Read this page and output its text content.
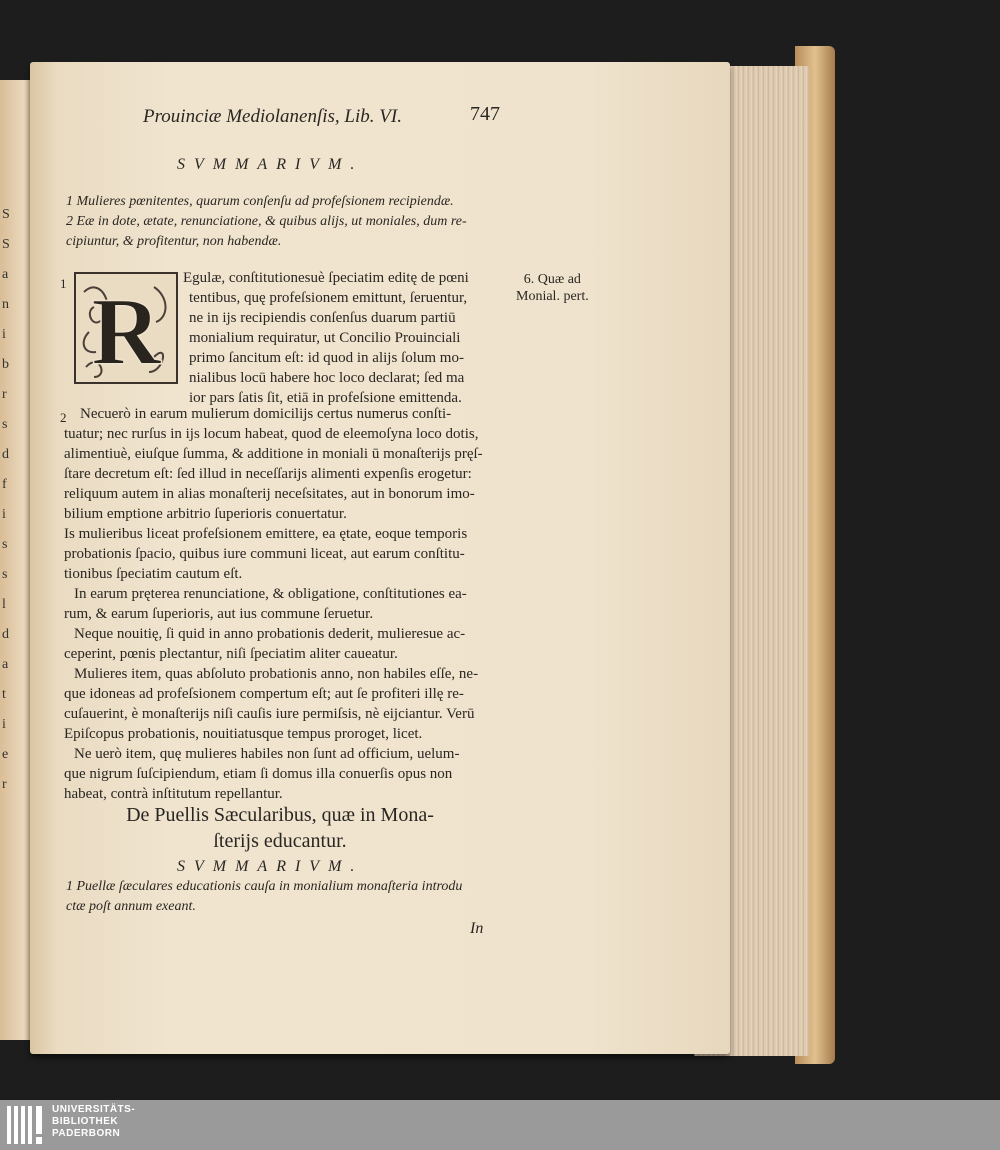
S
S
a
n
i
b
r
s
d
f
i
s
s
l
d
a
t
i
e
r
Prouinciæ Mediolanenſis, Lib. VI.	747
SVMMARIVM.
1 Mulieres pœnitentes, quarum conſenſu ad profeſsionem recipiendæ.
2 Eæ in dote, ætate, renunciatione, & quibus alijs, ut moniales, dum re-
cipiuntur, & profitentur, non habendæ.
1 R Egulæ, conſtitutionesuè ſpeciatim editę de pœni
tentibus, quę profeſsionem emittunt, ſeruentur,
ne in ijs recipiendis conſenſus duarum partiū
monialium requiratur, ut Concilio Prouinciali
primo ſancitum eſt: id quod in alijs ſolum mo-
nialibus locū habere hoc loco declarat; ſed ma
ior pars ſatis ſit, etiā in profeſsione emittenda.
6. Quæ ad
Monial. pert.
2 Necuerò in earum mulierum domicilijs certus numerus conſti-
tuatur; nec rurſus in ijs locum habeat, quod de eleemoſyna loco dotis,
alimentiuè, eiuſque ſumma, & additione in moniali ū monaſterijs pręſ-
ſtare decretum eſt: ſed illud in neceſſarijs alimenti expenſis erogetur:
reliquum autem in alias monaſterij neceſsitates, aut in bonorum imo-
bilium emptione arbitrio ſuperioris conuertatur.
Is mulieribus liceat profeſsionem emittere, ea ętate, eoque temporis
probationis ſpacio, quibus iure communi liceat, aut earum conſtitu-
tionibus ſpeciatim cautum eſt.
In earum pręterea renunciatione, & obligatione, conſtitutiones ea-
rum, & earum ſuperioris, aut ius commune ſeruetur.
Neque nouitię, ſi quid in anno probationis dederit, mulieresue ac-
ceperint, pœnis plectantur, niſi ſpeciatim aliter caueatur.
Mulieres item, quas abſoluto probationis anno, non habiles eſſe, ne-
que idoneas ad profeſsionem compertum eſt; aut ſe profiteri illę re-
cuſauerint, è monaſterijs niſi cauſis iure permiſsis, nè eijciantur. Verū
Epiſcopus probationis, nouitiatusque tempus proroget, licet.
Ne uerò item, quę mulieres habiles non ſunt ad officium, uelum-
que nigrum ſuſcipiendum, etiam ſi domus illa conuerſis opus non
habeat, contrà inſtitutum repellantur.
De Puellis Sæcularibus, quæ in Mona-
ſterijs educantur.
SVMMARIVM.
1 Puellæ ſæculares educationis cauſa in monialium monaſteria introdu
ctæ poſt annum exeant.
In
UNIVERSITÄTS-
BIBLIOTHEK
PADERBORN
